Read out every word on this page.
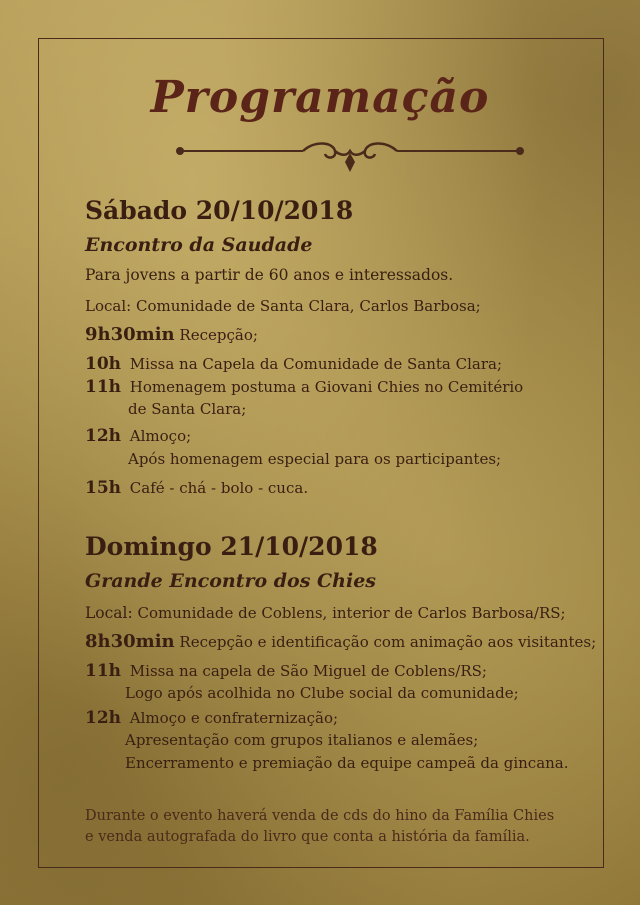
Programação
Sábado 20/10/2018
Encontro da Saudade
Para jovens a partir de 60 anos e interessados.
Local: Comunidade de Santa Clara, Carlos Barbosa;
9h30min Recepção;
10h Missa na Capela da Comunidade de Santa Clara;
11h Homenagem postuma a Giovani Chies no Cemitério
de Santa Clara;
12h Almoço;
Após homenagem especial para os participantes;
15h Café - chá - bolo - cuca.
Domingo 21/10/2018
Grande Encontro dos Chies
Local: Comunidade de Coblens, interior de Carlos Barbosa/RS;
8h30min Recepção e identificação com animação aos visitantes;
11h Missa na capela de São Miguel de Coblens/RS;
Logo após acolhida no Clube social da comunidade;
12h Almoço e confraternização;
Apresentação com grupos italianos e alemães;
Encerramento e premiação da equipe campeã da gincana.
Durante o evento haverá venda de cds do hino da Família Chies
e venda autografada do livro que conta a história da família.
